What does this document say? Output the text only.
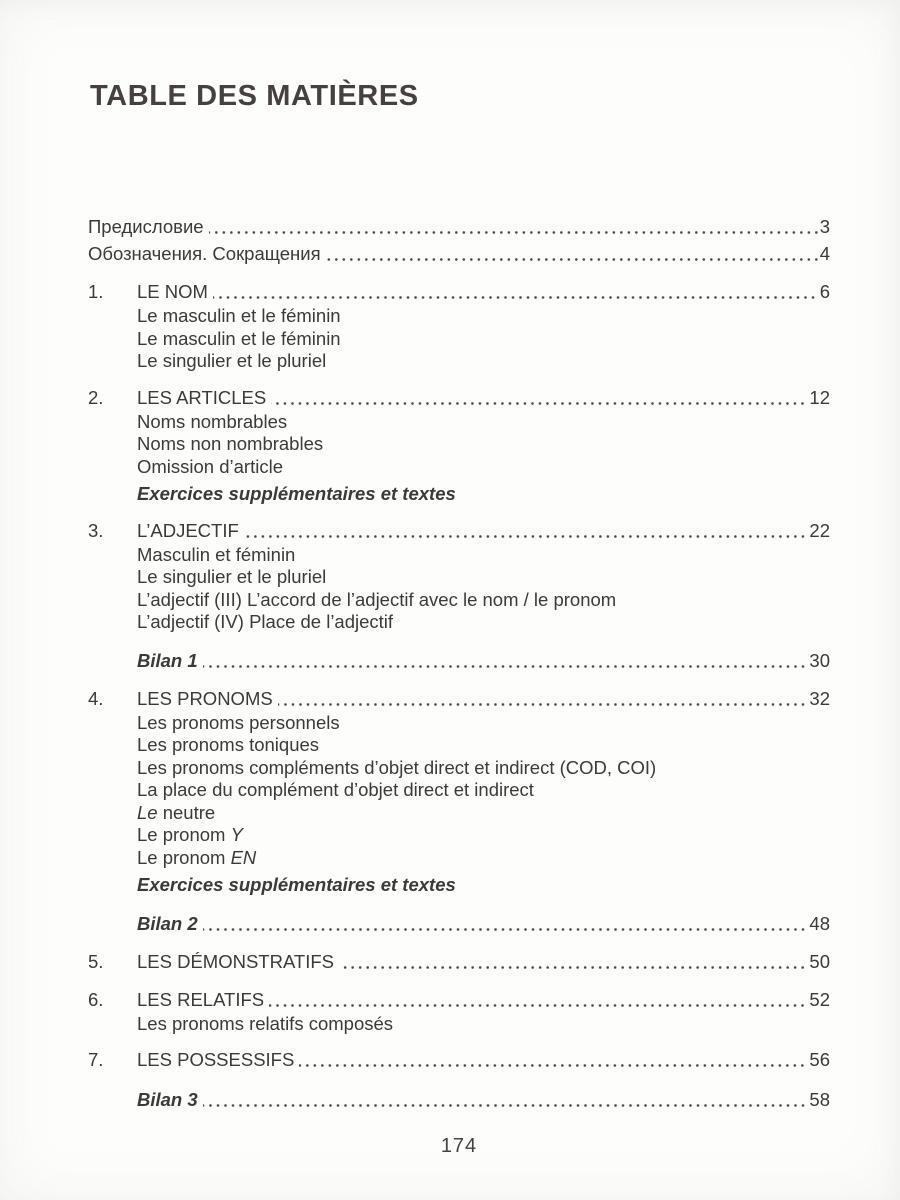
TABLE DES MATIÈRES
Предисловие	3
Обозначения. Сокращения	4
1.	LE NOM	6
Le masculin et le féminin
Le masculin et le féminin
Le singulier et le pluriel
2.	LES ARTICLES	12
Noms nombrables
Noms non nombrables
Omission d’article
Exercices supplémentaires et textes
3.	L’ADJECTIF	22
Masculin et féminin
Le singulier et le pluriel
L’adjectif (III) L’accord de l’adjectif avec le nom / le pronom
L’adjectif (IV) Place de l’adjectif
Bilan 1	30
4.	LES PRONOMS	32
Les pronoms personnels
Les pronoms toniques
Les pronoms compléments d’objet direct et indirect (COD, COI)
La place du complément d’objet direct et indirect
Le neutre
Le pronom Y
Le pronom EN
Exercices supplémentaires et textes
Bilan 2	48
5.	LES DÉMONSTRATIFS	50
6.	LES RELATIFS	52
Les pronoms relatifs composés
7.	LES POSSESSIFS	56
Bilan 3	58
174
